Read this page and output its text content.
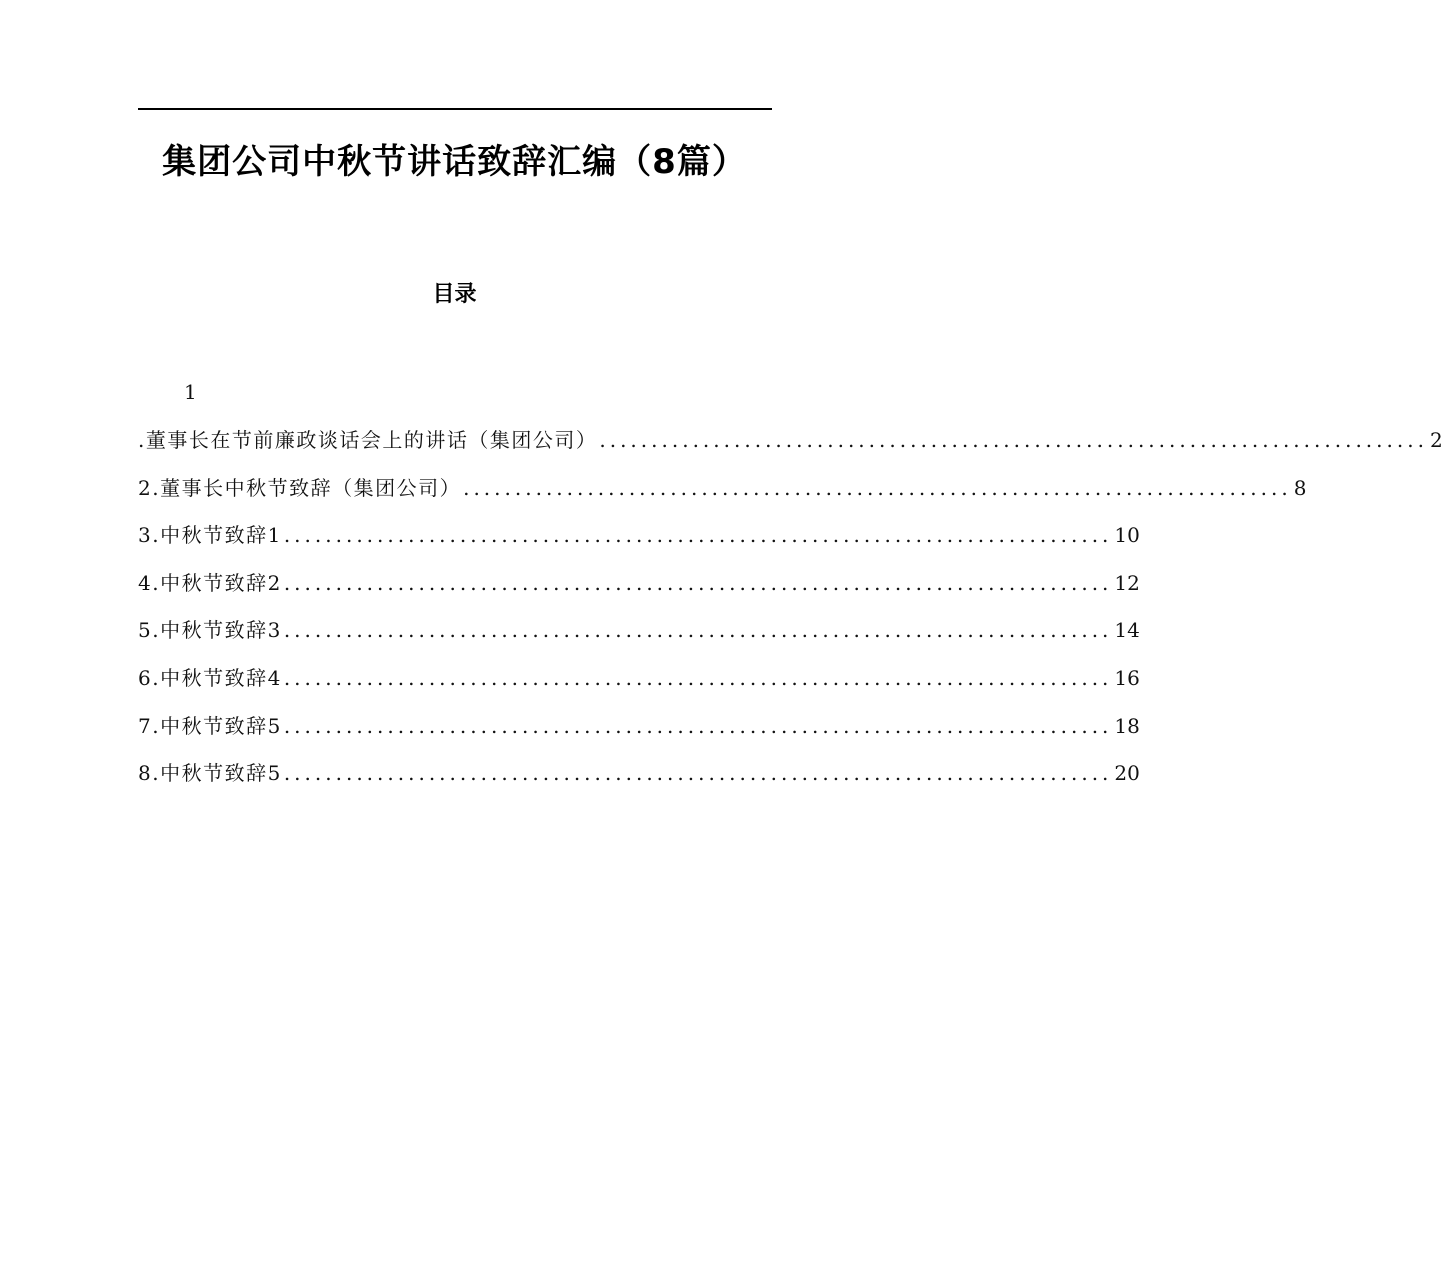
集团公司中秋节讲话致辞汇编（8篇）
目录
1
.董事长在节前廉政谈话会上的讲话（集团公司） ................................................................................ 2
2.董事长中秋节致辞（集团公司） ................................................................................ 8
3.中秋节致辞1 ................................................................................ 10
4.中秋节致辞2 ................................................................................ 12
5.中秋节致辞3 ................................................................................ 14
6.中秋节致辞4 ................................................................................ 16
7.中秋节致辞5 ................................................................................ 18
8.中秋节致辞5 ................................................................................ 20
